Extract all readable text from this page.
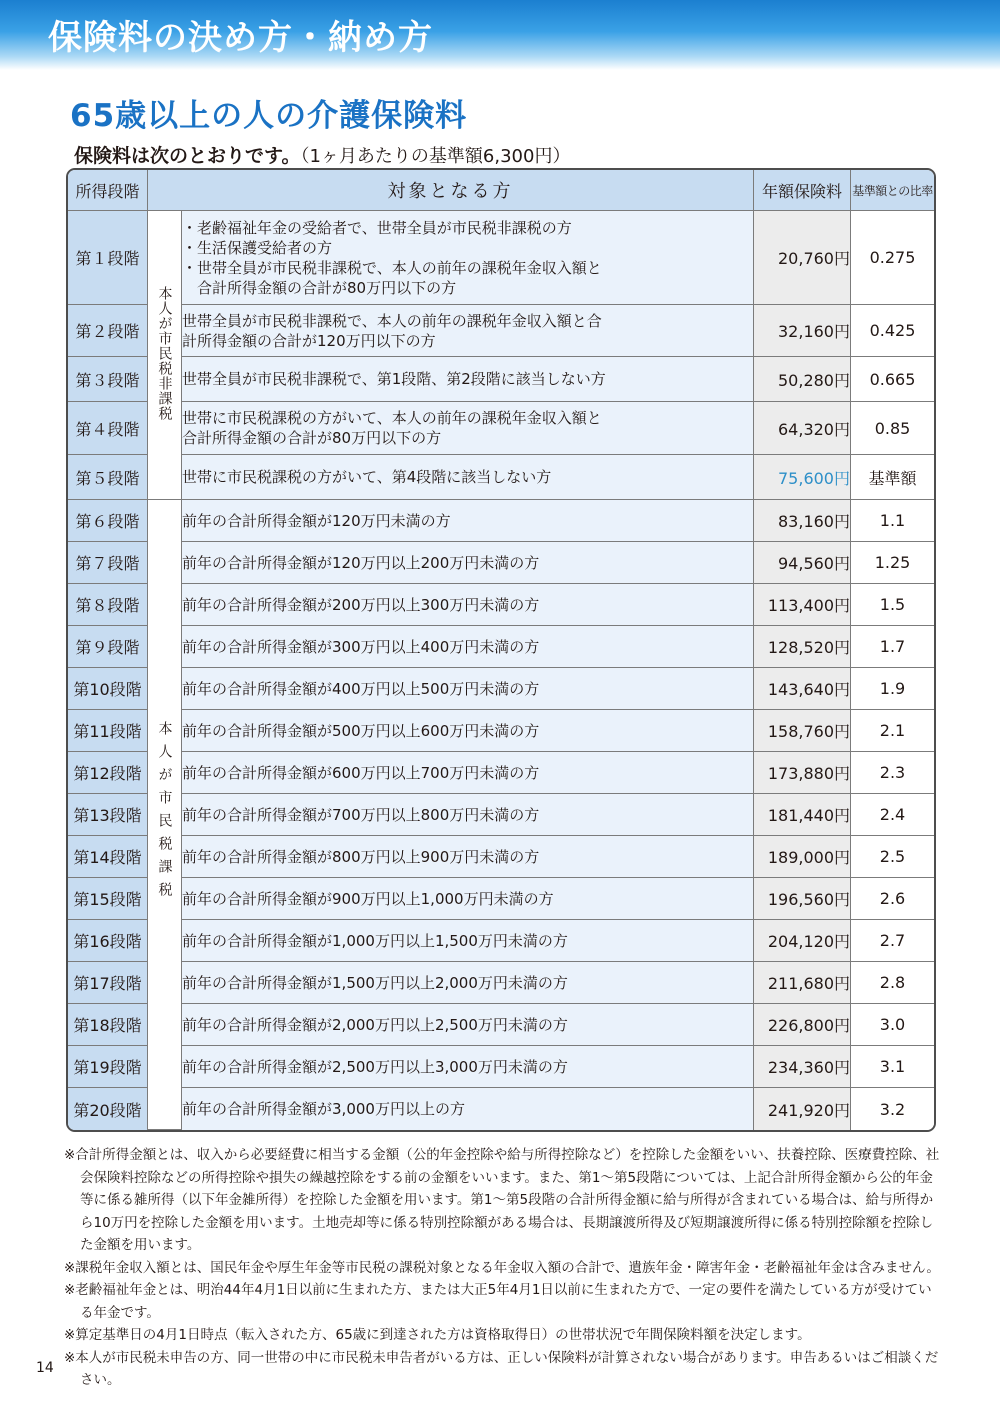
保険料の決め方・納め方
65歳以上の人の介護保険料
保険料は次のとおりです。（1ヶ月あたりの基準額6,300円）
所得段階	対象となる方		年額保険料	基準額との比率
第１段階	本人が市民税非課税	・老齢福祉年金の受給者で、世帯全員が市民税非課税の方
・生活保護受給者の方
・世帯全員が市民税非課税で、本人の前年の課税年金収入額と
　合計所得金額の合計が80万円以下の方	20,760円	0.275
第２段階		世帯全員が市民税非課税で、本人の前年の課税年金収入額と合
計所得金額の合計が120万円以下の方	32,160円	0.425
第３段階		世帯全員が市民税非課税で、第1段階、第2段階に該当しない方	50,280円	0.665
第４段階		世帯に市民税課税の方がいて、本人の前年の課税年金収入額と
合計所得金額の合計が80万円以下の方	64,320円	0.85
第５段階		世帯に市民税課税の方がいて、第4段階に該当しない方	75,600円	基準額
第６段階	本人が市民税課税	前年の合計所得金額が120万円未満の方	83,160円	1.1
第７段階		前年の合計所得金額が120万円以上200万円未満の方	94,560円	1.25
第８段階		前年の合計所得金額が200万円以上300万円未満の方	113,400円	1.5
第９段階		前年の合計所得金額が300万円以上400万円未満の方	128,520円	1.7
第10段階		前年の合計所得金額が400万円以上500万円未満の方	143,640円	1.9
第11段階		前年の合計所得金額が500万円以上600万円未満の方	158,760円	2.1
第12段階		前年の合計所得金額が600万円以上700万円未満の方	173,880円	2.3
第13段階		前年の合計所得金額が700万円以上800万円未満の方	181,440円	2.4
第14段階		前年の合計所得金額が800万円以上900万円未満の方	189,000円	2.5
第15段階		前年の合計所得金額が900万円以上1,000万円未満の方	196,560円	2.6
第16段階		前年の合計所得金額が1,000万円以上1,500万円未満の方	204,120円	2.7
第17段階		前年の合計所得金額が1,500万円以上2,000万円未満の方	211,680円	2.8
第18段階		前年の合計所得金額が2,000万円以上2,500万円未満の方	226,800円	3.0
第19段階		前年の合計所得金額が2,500万円以上3,000万円未満の方	234,360円	3.1
第20段階		前年の合計所得金額が3,000万円以上の方	241,920円	3.2
※合計所得金額とは、収入から必要経費に相当する金額（公的年金控除や給与所得控除など）を控除した金額をいい、扶養控除、医療費控除、社会保険料控除などの所得控除や損失の繰越控除をする前の金額をいいます。また、第1～第5段階については、上記合計所得金額から公的年金等に係る雑所得（以下年金雑所得）を控除した金額を用います。第1～第5段階の合計所得金額に給与所得が含まれている場合は、給与所得から10万円を控除した金額を用います。土地売却等に係る特別控除額がある場合は、長期譲渡所得及び短期譲渡所得に係る特別控除額を控除した金額を用います。
※課税年金収入額とは、国民年金や厚生年金等市民税の課税対象となる年金収入額の合計で、遺族年金・障害年金・老齢福祉年金は含みません。
※老齢福祉年金とは、明治44年4月1日以前に生まれた方、または大正5年4月1日以前に生まれた方で、一定の要件を満たしている方が受けている年金です。
※算定基準日の4月1日時点（転入された方、65歳に到達された方は資格取得日）の世帯状況で年間保険料額を決定します。
※本人が市民税未申告の方、同一世帯の中に市民税未申告者がいる方は、正しい保険料が計算されない場合があります。申告あるいはご相談ください。
14
